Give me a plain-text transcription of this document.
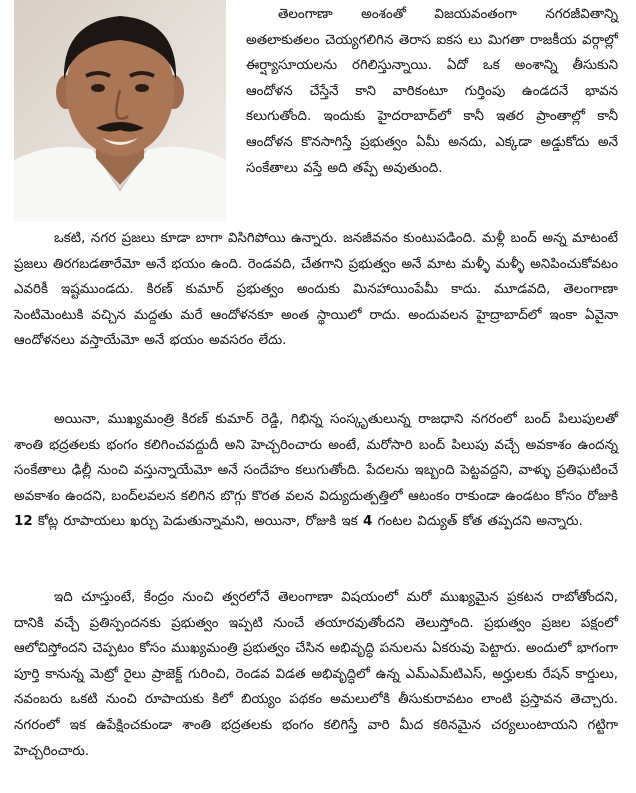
తెలంగాణా అంశంతో విజయవంతంగా నగరజీవితాన్ని అతలాకుతలం చెయ్యగలిగిన తెరాస ఐకస లు మిగతా రాజకీయ వర్గాల్లో ఈర్ష్యాసూయలను రగిలిస్తున్నాయి. ఏదో ఒక అంశాన్ని తీసుకుని ఆందోళన చేస్తేనే కాని వారికంటూ గుర్తింపు ఉండదనే భావన కలుగుతోంది. ఇందుకు హైదరాబాద్‌లో కానీ ఇతర ప్రాంతాల్లో కానీ ఆందోళన కొనసాగిస్తే ప్రభుత్వం ఏమీ అనదు, ఎక్కడా అడ్డుకోదు అనే సంకేతాలు వస్తే అది తప్పే అవుతుంది.

ఒకటి, నగర ప్రజలు కూడా బాగా విసిగిపోయి ఉన్నారు. జనజీవనం కుంటుపడింది. మళ్లీ బంద్ అన్న మాటంటే ప్రజలు తిరగబడతారేమో అనే భయం ఉంది. రెండవది, చేతగాని ప్రభుత్వం అనే మాట మళ్ళీ మళ్ళీ అనిపించుకోవటం ఎవరికీ ఇష్టముండదు. కిరణ్ కుమార్ ప్రభుత్వం అందుకు మినహాయింపేమీ కాదు. మూడవది, తెలంగాణా సెంటిమెంటుకి వచ్చిన మద్దతు మరే ఆందోళనకూ అంత స్థాయిలో రాదు. అందువలన హైద్రాబాద్‌లో ఇంకా ఏవైనా ఆందోళనలు వస్తాయేమో అనే భయం అవసరం లేదు.

అయినా, ముఖ్యమంత్రి కిరణ్ కుమార్ రెడ్డి, గిభిన్న సంస్కృతులున్న రాజధాని నగరంలో బంద్ పిలుపులతో శాంతి భద్రతలకు భంగం కలిగించవద్దుదీ అని హెచ్చరించారు అంటే, మరోసారి బంద్ పిలుపు వచ్చే అవకాశం ఉందన్న సంకేతాలు ఢిల్లీ నుంచి వస్తున్నాయేమో అనే సందేహం కలుగుతోంది. పేదలను ఇబ్బంది పెట్టవద్దని, వాళ్ళు ప్రతిఘటించే అవకాశం ఉందని, బంద్‌లవలన కలిగిన బొగ్గు కొరత వలన విద్యుదుత్పత్తిలో ఆటంకం రాకుండా ఉండటం కోసం రోజుకి 12 కోట్ల రూపాయలు ఖర్చు పెడుతున్నామని, అయినా, రోజుకి ఇక 4 గంటల విద్యుత్ కోత తప్పదని అన్నారు.

ఇది చూస్తుంటే, కేంద్రం నుంచి త్వరలోనే తెలంగాణా విషయంలో మరో ముఖ్యమైన ప్రకటన రాబోతోందని, దానికి వచ్చే ప్రతిస్పందనకు ప్రభుత్వం ఇప్పటి నుంచే తయారవుతోందని తెలుస్తోంది. ప్రభుత్వం ప్రజల పక్షంలో ఆలోచిస్తోందని చెప్పటం కోసం ముఖ్యమంత్రి ప్రభుత్వం చేసిన అభివృద్ధి పనులను ఏకరువు పెట్టారు. అందులో భాగంగా పూర్తి కానున్న మెట్రో రైలు ప్రాజెక్ట్ గురించి, రెండవ విడత అభివృద్ధిలో ఉన్న ఎమ్ఎమ్‌టిఎస్, అర్హులకు రేషన్ కార్డులు, నవంబరు ఒకటి నుంచి రూపాయకు కిలో బియ్యం పథకం అమలులోకి తీసుకురావటం లాంటి ప్రస్తావన తెచ్చారు. నగరంలో ఇక ఉపేక్షించకుండా శాంతి భద్రతలకు భంగం కలిగిస్తే వారి మీద కఠినమైన చర్యలుంటాయని గట్టిగా హెచ్చరించారు.
